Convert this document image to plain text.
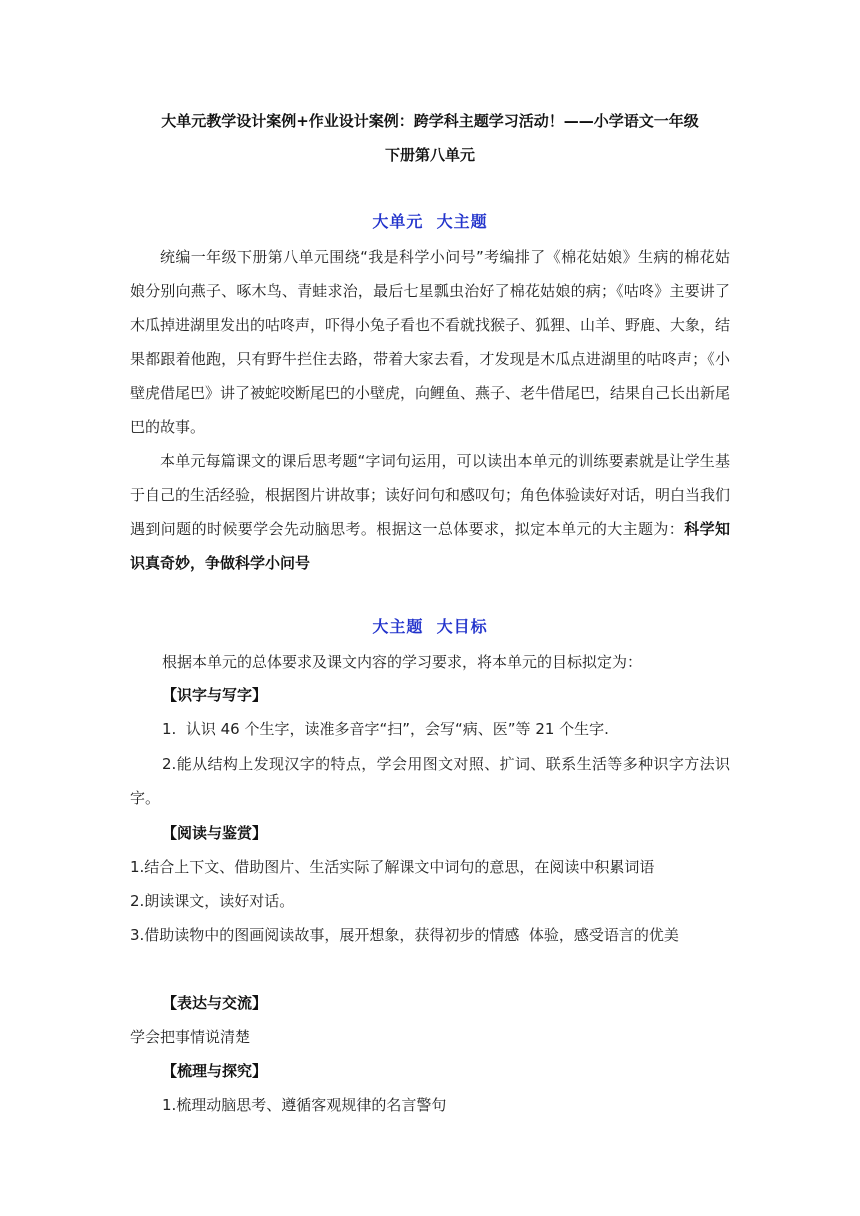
大单元教学设计案例+作业设计案例：跨学科主题学习活动！——小学语文一年级
下册第八单元
大单元  大主题

统编一年级下册第八单元围绕“我是科学小问号”考编排了《棉花姑娘》生病的棉花姑娘分别向燕子、啄木鸟、青蛙求治，最后七星瓢虫治好了棉花姑娘的病；《咕咚》主要讲了木瓜掉进湖里发出的咕咚声，吓得小兔子看也不看就找猴子、狐狸、山羊、野鹿、大象，结果都跟着他跑，只有野牛拦住去路，带着大家去看，才发现是木瓜点进湖里的咕咚声；《小壁虎借尾巴》讲了被蛇咬断尾巴的小壁虎，向鲤鱼、燕子、老牛借尾巴，结果自己长出新尾巴的故事。

本单元每篇课文的课后思考题“字词句运用，可以读出本单元的训练要素就是让学生基于自己的生活经验，根据图片讲故事；读好问句和感叹句；角色体验读好对话，明白当我们遇到问题的时候要学会先动脑思考。根据这一总体要求，拟定本单元的大主题为：科学知识真奇妙，争做科学小问号

大主题  大目标

根据本单元的总体要求及课文内容的学习要求，将本单元的目标拟定为：

【识字与写字】

1.  认识 46 个生字，读准多音字“扫”，会写“病、医”等 21 个生字.

2.能从结构上发现汉字的特点，学会用图文对照、扩词、联系生活等多种识字方法识字。

【阅读与鉴赏】

1.结合上下文、借助图片、生活实际了解课文中词句的意思，在阅读中积累词语

2.朗读课文，读好对话。

3.借助读物中的图画阅读故事，展开想象，获得初步的情感  体验，感受语言的优美

【表达与交流】

学会把事情说清楚

【梳理与探究】

1.梳理动脑思考、遵循客观规律的名言警句
